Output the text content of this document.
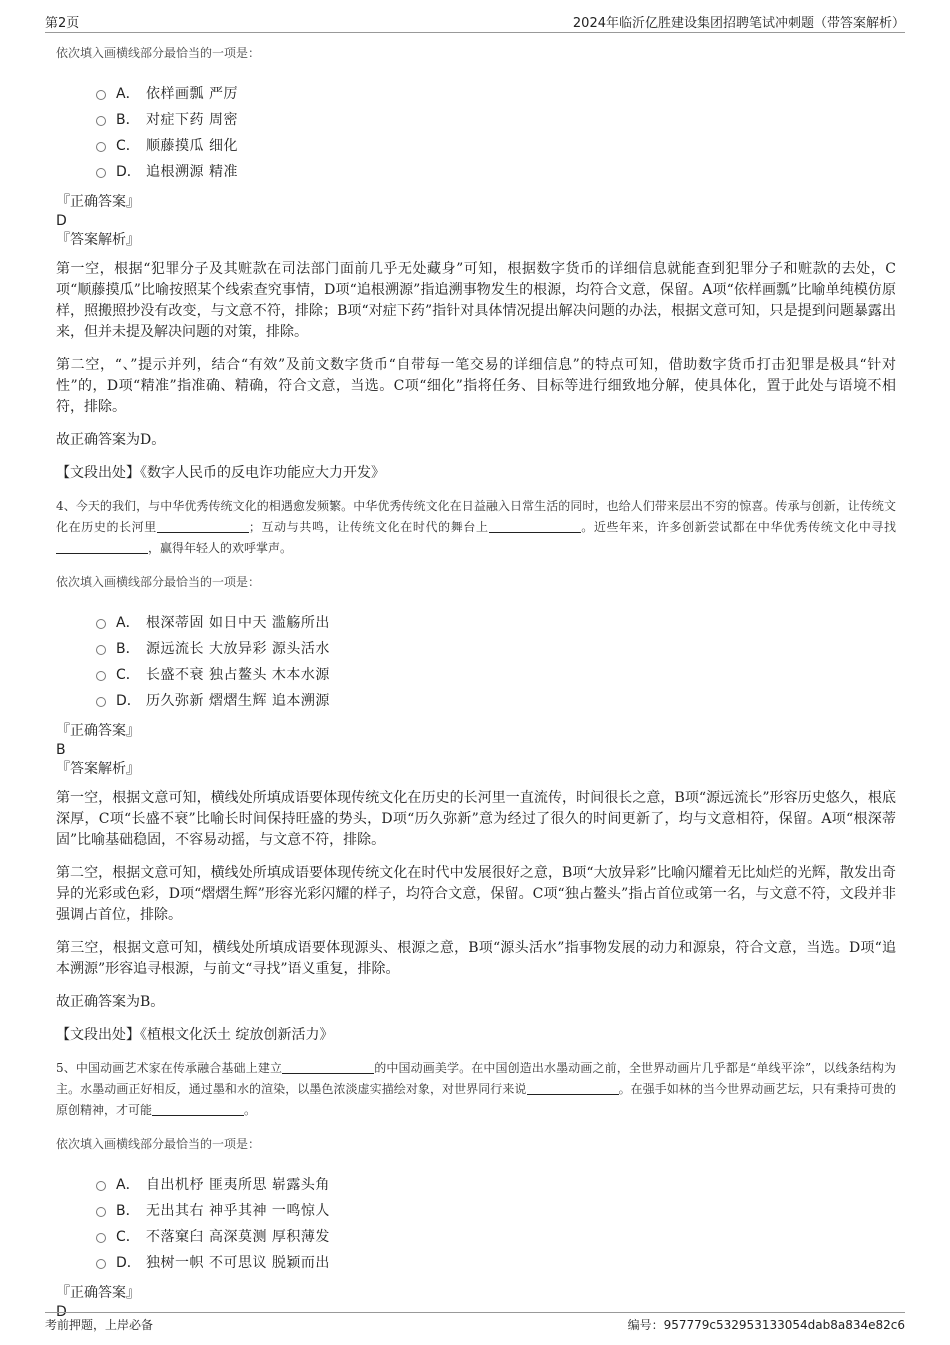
第2页	2024年临沂亿胜建设集团招聘笔试冲刺题（带答案解析）

依次填入画横线部分最恰当的一项是：

A． 依样画瓢 严厉
B． 对症下药 周密
C． 顺藤摸瓜 细化
D． 追根溯源 精准

『正确答案』

D

『答案解析』

第一空，根据“犯罪分子及其赃款在司法部门面前几乎无处藏身”可知，根据数字货币的详细信息就能查到犯罪分子和赃款的去处，C项“顺藤摸瓜”比喻按照某个线索查究事情，D项“追根溯源”指追溯事物发生的根源，均符合文意，保留。A项“依样画瓢”比喻单纯模仿原样，照搬照抄没有改变，与文意不符，排除；B项“对症下药”指针对具体情况提出解决问题的办法，根据文意可知，只是提到问题暴露出来，但并未提及解决问题的对策，排除。

第二空，“、”提示并列，结合“有效”及前文数字货币“自带每一笔交易的详细信息”的特点可知，借助数字货币打击犯罪是极具“针对性”的，D项“精准”指准确、精确，符合文意，当选。C项“细化”指将任务、目标等进行细致地分解，使具体化，置于此处与语境不相符，排除。

故正确答案为D。

【文段出处】《数字人民币的反电诈功能应大力开发》

4、今天的我们，与中华优秀传统文化的相遇愈发频繁。中华优秀传统文化在日益融入日常生活的同时，也给人们带来层出不穷的惊喜。传承与创新，让传统文化在历史的长河里	；互动与共鸣，让传统文化在时代的舞台上	。近些年来，许多创新尝试都在中华优秀传统文化中寻找，赢得年轻人的欢呼掌声。

依次填入画横线部分最恰当的一项是：

A． 根深蒂固 如日中天 滥觞所出
B． 源远流长 大放异彩 源头活水
C． 长盛不衰 独占鳌头 木本水源
D． 历久弥新 熠熠生辉 追本溯源

『正确答案』

B

『答案解析』

第一空，根据文意可知，横线处所填成语要体现传统文化在历史的长河里一直流传，时间很长之意，B项“源远流长”形容历史悠久，根底深厚，C项“长盛不衰”比喻长时间保持旺盛的势头，D项“历久弥新”意为经过了很久的时间更新了，均与文意相符，保留。A项“根深蒂固”比喻基础稳固，不容易动摇，与文意不符，排除。

第二空，根据文意可知，横线处所填成语要体现传统文化在时代中发展很好之意，B项“大放异彩”比喻闪耀着无比灿烂的光辉，散发出奇异的光彩或色彩，D项“熠熠生辉”形容光彩闪耀的样子，均符合文意，保留。C项“独占鳌头”指占首位或第一名，与文意不符，文段并非强调占首位，排除。

第三空，根据文意可知，横线处所填成语要体现源头、根源之意，B项“源头活水”指事物发展的动力和源泉，符合文意，当选。D项“追本溯源”形容追寻根源，与前文“寻找”语义重复，排除。

故正确答案为B。

【文段出处】《植根文化沃土 绽放创新活力》

5、中国动画艺术家在传承融合基础上建立	的中国动画美学。在中国创造出水墨动画之前，全世界动画片几乎都是“单线平涂”，以线条结构为主。水墨动画正好相反，通过墨和水的渲染，以墨色浓淡虚实描绘对象，对世界同行来说	。在强手如林的当今世界动画艺坛，只有秉持可贵的原创精神，才可能	。

依次填入画横线部分最恰当的一项是：

A． 自出机杼 匪夷所思 崭露头角
B． 无出其右 神乎其神 一鸣惊人
C． 不落窠臼 高深莫测 厚积薄发
D． 独树一帜 不可思议 脱颖而出

『正确答案』

D

考前押题，上岸必备	编号：957779c532953133054dab8a834e82c6
